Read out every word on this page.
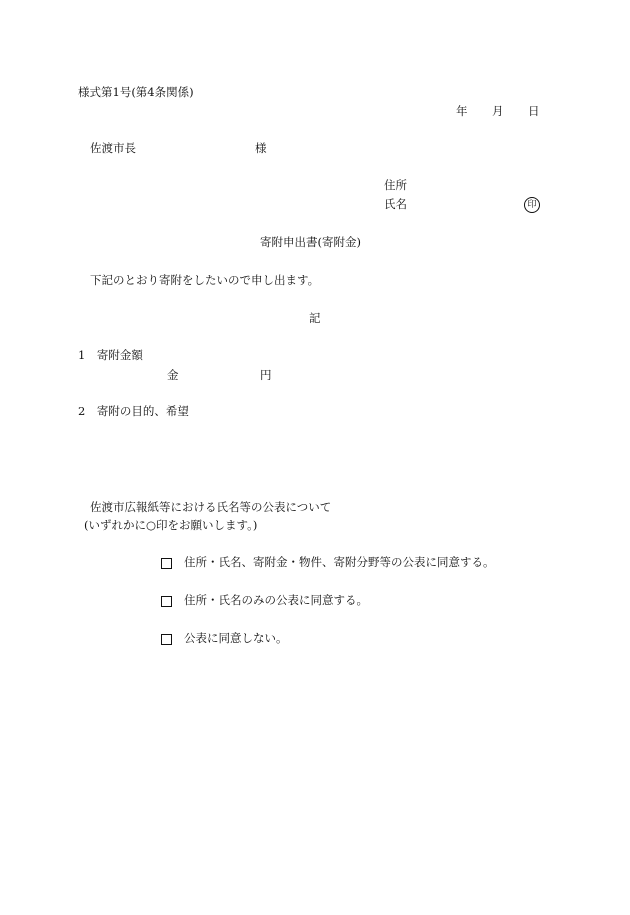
様式第1号(第4条関係)
年 月 日
佐渡市長	様
住所
氏名	印
寄附申出書(寄附金)
下記のとおり寄附をしたいので申し出ます。
記
1　寄附金額
金	円
2　寄附の目的、希望
佐渡市広報紙等における氏名等の公表について
(いずれかに○印をお願いします。)
住所・氏名、寄附金・物件、寄附分野等の公表に同意する。
住所・氏名のみの公表に同意する。
公表に同意しない。
